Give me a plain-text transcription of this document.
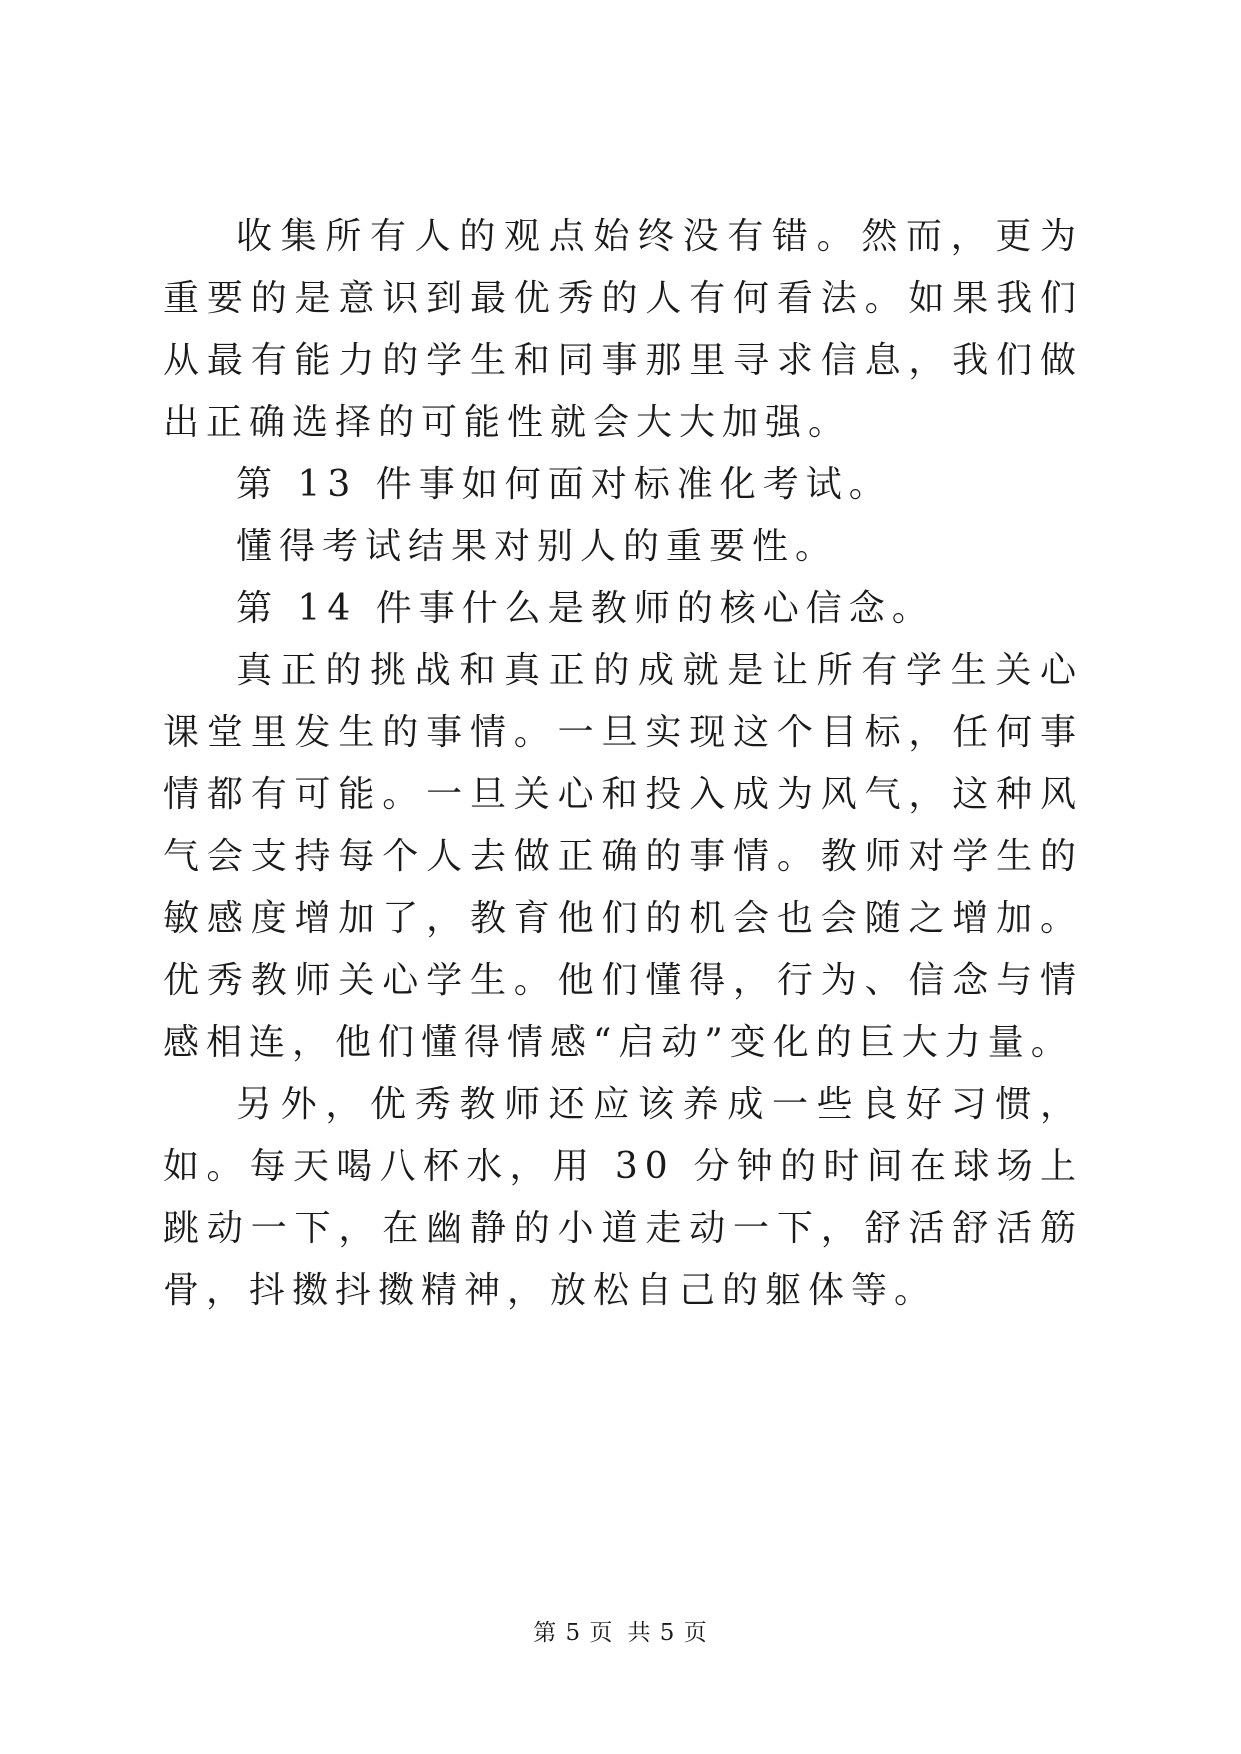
收集所有人的观点始终没有错。然而，更为重要的是意识到最优秀的人有何看法。如果我们从最有能力的学生和同事那里寻求信息，我们做出正确选择的可能性就会大大加强。

第 13 件事如何面对标准化考试。

懂得考试结果对别人的重要性。

第 14 件事什么是教师的核心信念。

真正的挑战和真正的成就是让所有学生关心课堂里发生的事情。一旦实现这个目标，任何事情都有可能。一旦关心和投入成为风气，这种风气会支持每个人去做正确的事情。教师对学生的敏感度增加了，教育他们的机会也会随之增加。优秀教师关心学生。他们懂得，行为、信念与情感相连，他们懂得情感“启动”变化的巨大力量。

另外，优秀教师还应该养成一些良好习惯，如。每天喝八杯水，用 30 分钟的时间在球场上跳动一下，在幽静的小道走动一下，舒活舒活筋骨，抖擞抖擞精神，放松自己的躯体等。

第 5 页 共 5 页
